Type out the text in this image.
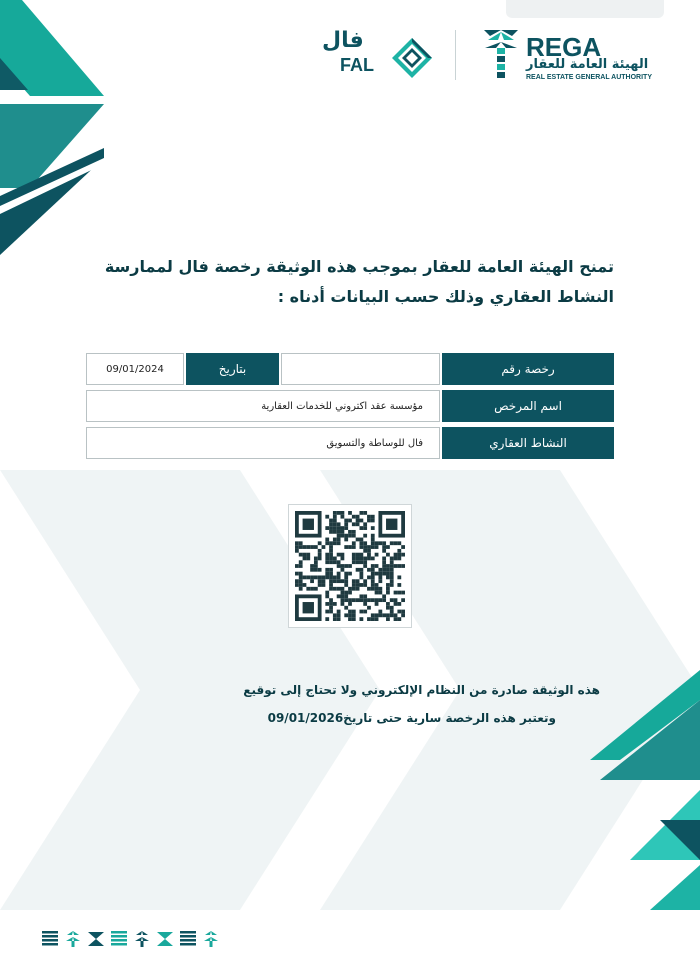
REGA
الهيئة العامة للعقار
REAL ESTATE GENERAL AUTHORITY
فال
FAL
تمنح الهيئة العامة للعقار بموجب هذه الوثيقة رخصة فال لممارسة
النشاط العقاري وذلك حسب البيانات أدناه :
رخصة رقم
بتاريخ
09/01/2024
اسم المرخص
مؤسسة عقد اكتروني للخدمات العقارية
النشاط العقاري
فال للوساطة والتسويق
هذه الوثيقة صادرة من النظام الإلكتروني ولا تحتاج إلى توقيع
وتعتبر هذه الرخصة سارية حتى تاريخ09/01/2026
